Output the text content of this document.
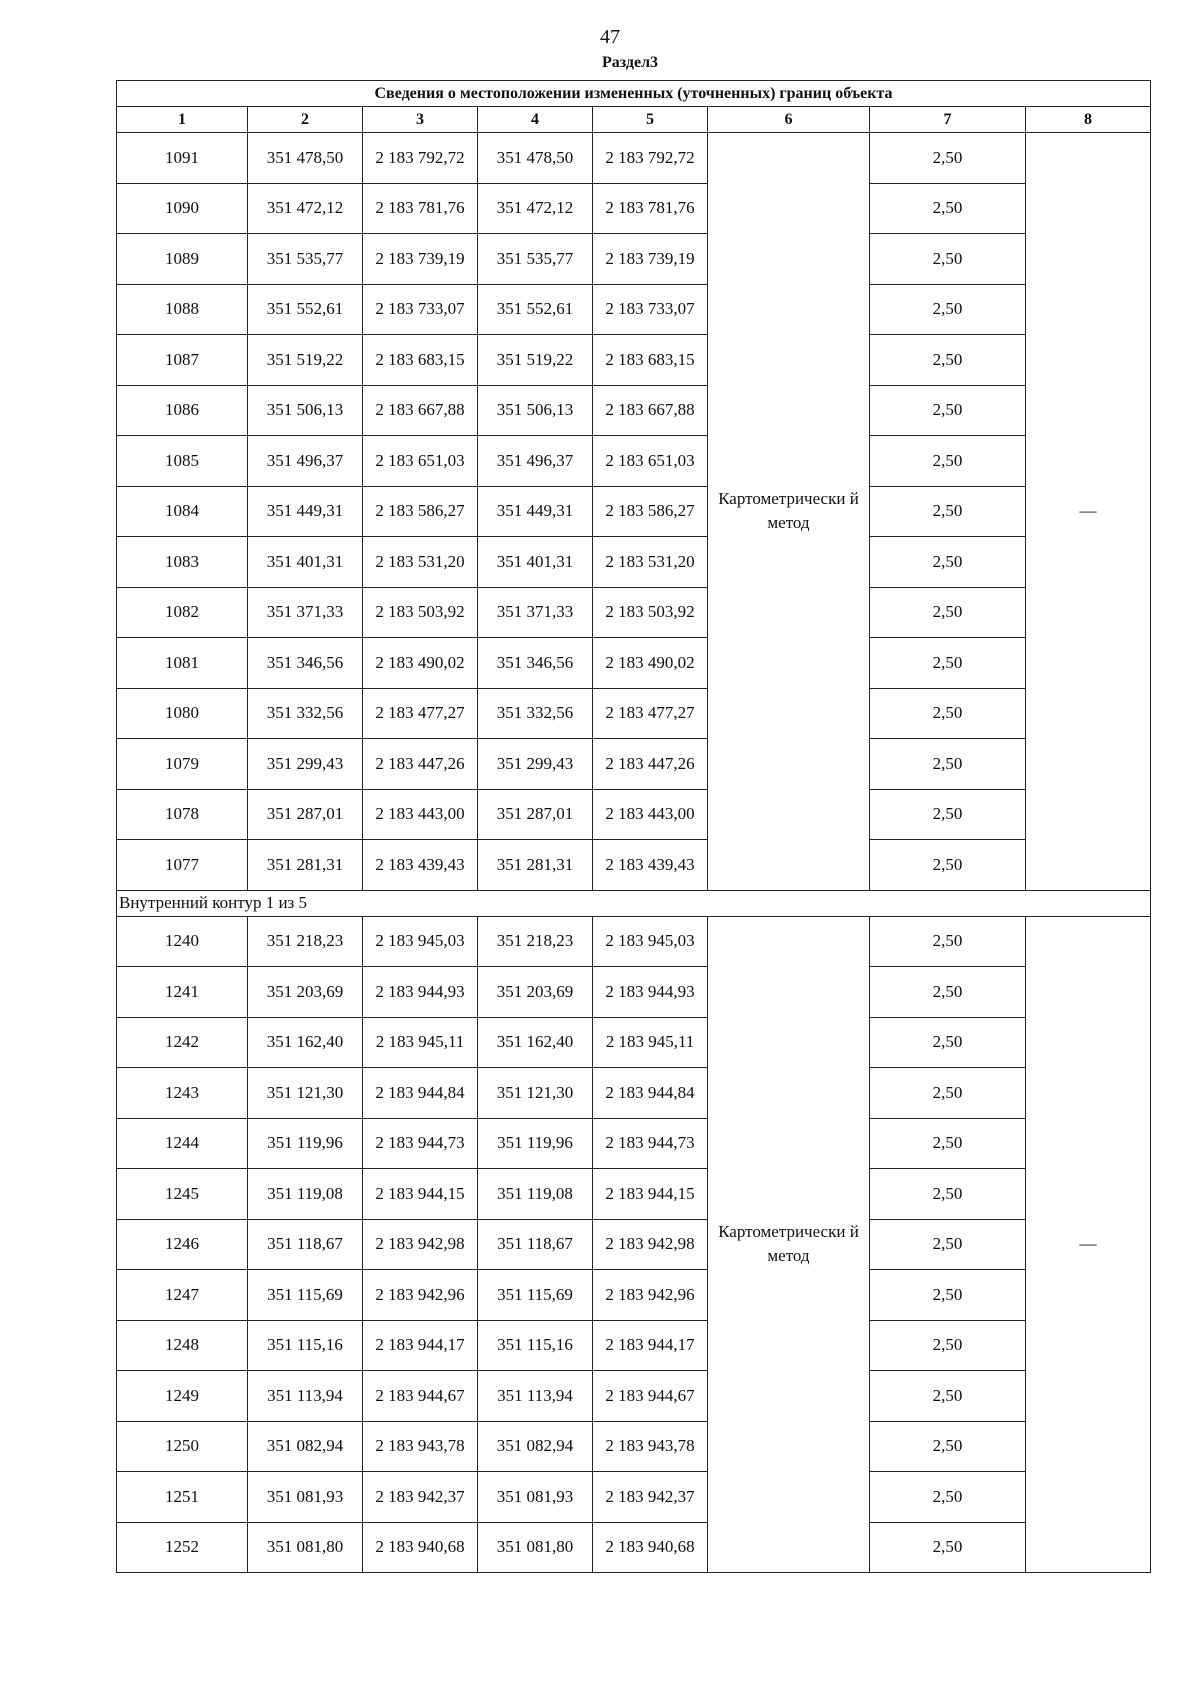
47
Раздел3
Сведения о местоположении измененных (уточненных) границ объекта							
1	2	3	4	5	6	7	8
1091	351 478,50	2 183 792,72	351 478,50	2 183 792,72	Картометрически й метод	2,50	—
1090	351 472,12	2 183 781,76	351 472,12	2 183 781,76		2,50	
1089	351 535,77	2 183 739,19	351 535,77	2 183 739,19		2,50	
1088	351 552,61	2 183 733,07	351 552,61	2 183 733,07		2,50	
1087	351 519,22	2 183 683,15	351 519,22	2 183 683,15		2,50	
1086	351 506,13	2 183 667,88	351 506,13	2 183 667,88		2,50	
1085	351 496,37	2 183 651,03	351 496,37	2 183 651,03		2,50	
1084	351 449,31	2 183 586,27	351 449,31	2 183 586,27		2,50	
1083	351 401,31	2 183 531,20	351 401,31	2 183 531,20		2,50	
1082	351 371,33	2 183 503,92	351 371,33	2 183 503,92		2,50	
1081	351 346,56	2 183 490,02	351 346,56	2 183 490,02		2,50	
1080	351 332,56	2 183 477,27	351 332,56	2 183 477,27		2,50	
1079	351 299,43	2 183 447,26	351 299,43	2 183 447,26		2,50	
1078	351 287,01	2 183 443,00	351 287,01	2 183 443,00		2,50	
1077	351 281,31	2 183 439,43	351 281,31	2 183 439,43		2,50	
Внутренний контур 1 из 5							
1240	351 218,23	2 183 945,03	351 218,23	2 183 945,03	Картометрически й метод	2,50	—
1241	351 203,69	2 183 944,93	351 203,69	2 183 944,93		2,50	
1242	351 162,40	2 183 945,11	351 162,40	2 183 945,11		2,50	
1243	351 121,30	2 183 944,84	351 121,30	2 183 944,84		2,50	
1244	351 119,96	2 183 944,73	351 119,96	2 183 944,73		2,50	
1245	351 119,08	2 183 944,15	351 119,08	2 183 944,15		2,50	
1246	351 118,67	2 183 942,98	351 118,67	2 183 942,98		2,50	
1247	351 115,69	2 183 942,96	351 115,69	2 183 942,96		2,50	
1248	351 115,16	2 183 944,17	351 115,16	2 183 944,17		2,50	
1249	351 113,94	2 183 944,67	351 113,94	2 183 944,67		2,50	
1250	351 082,94	2 183 943,78	351 082,94	2 183 943,78		2,50	
1251	351 081,93	2 183 942,37	351 081,93	2 183 942,37		2,50	
1252	351 081,80	2 183 940,68	351 081,80	2 183 940,68		2,50	
